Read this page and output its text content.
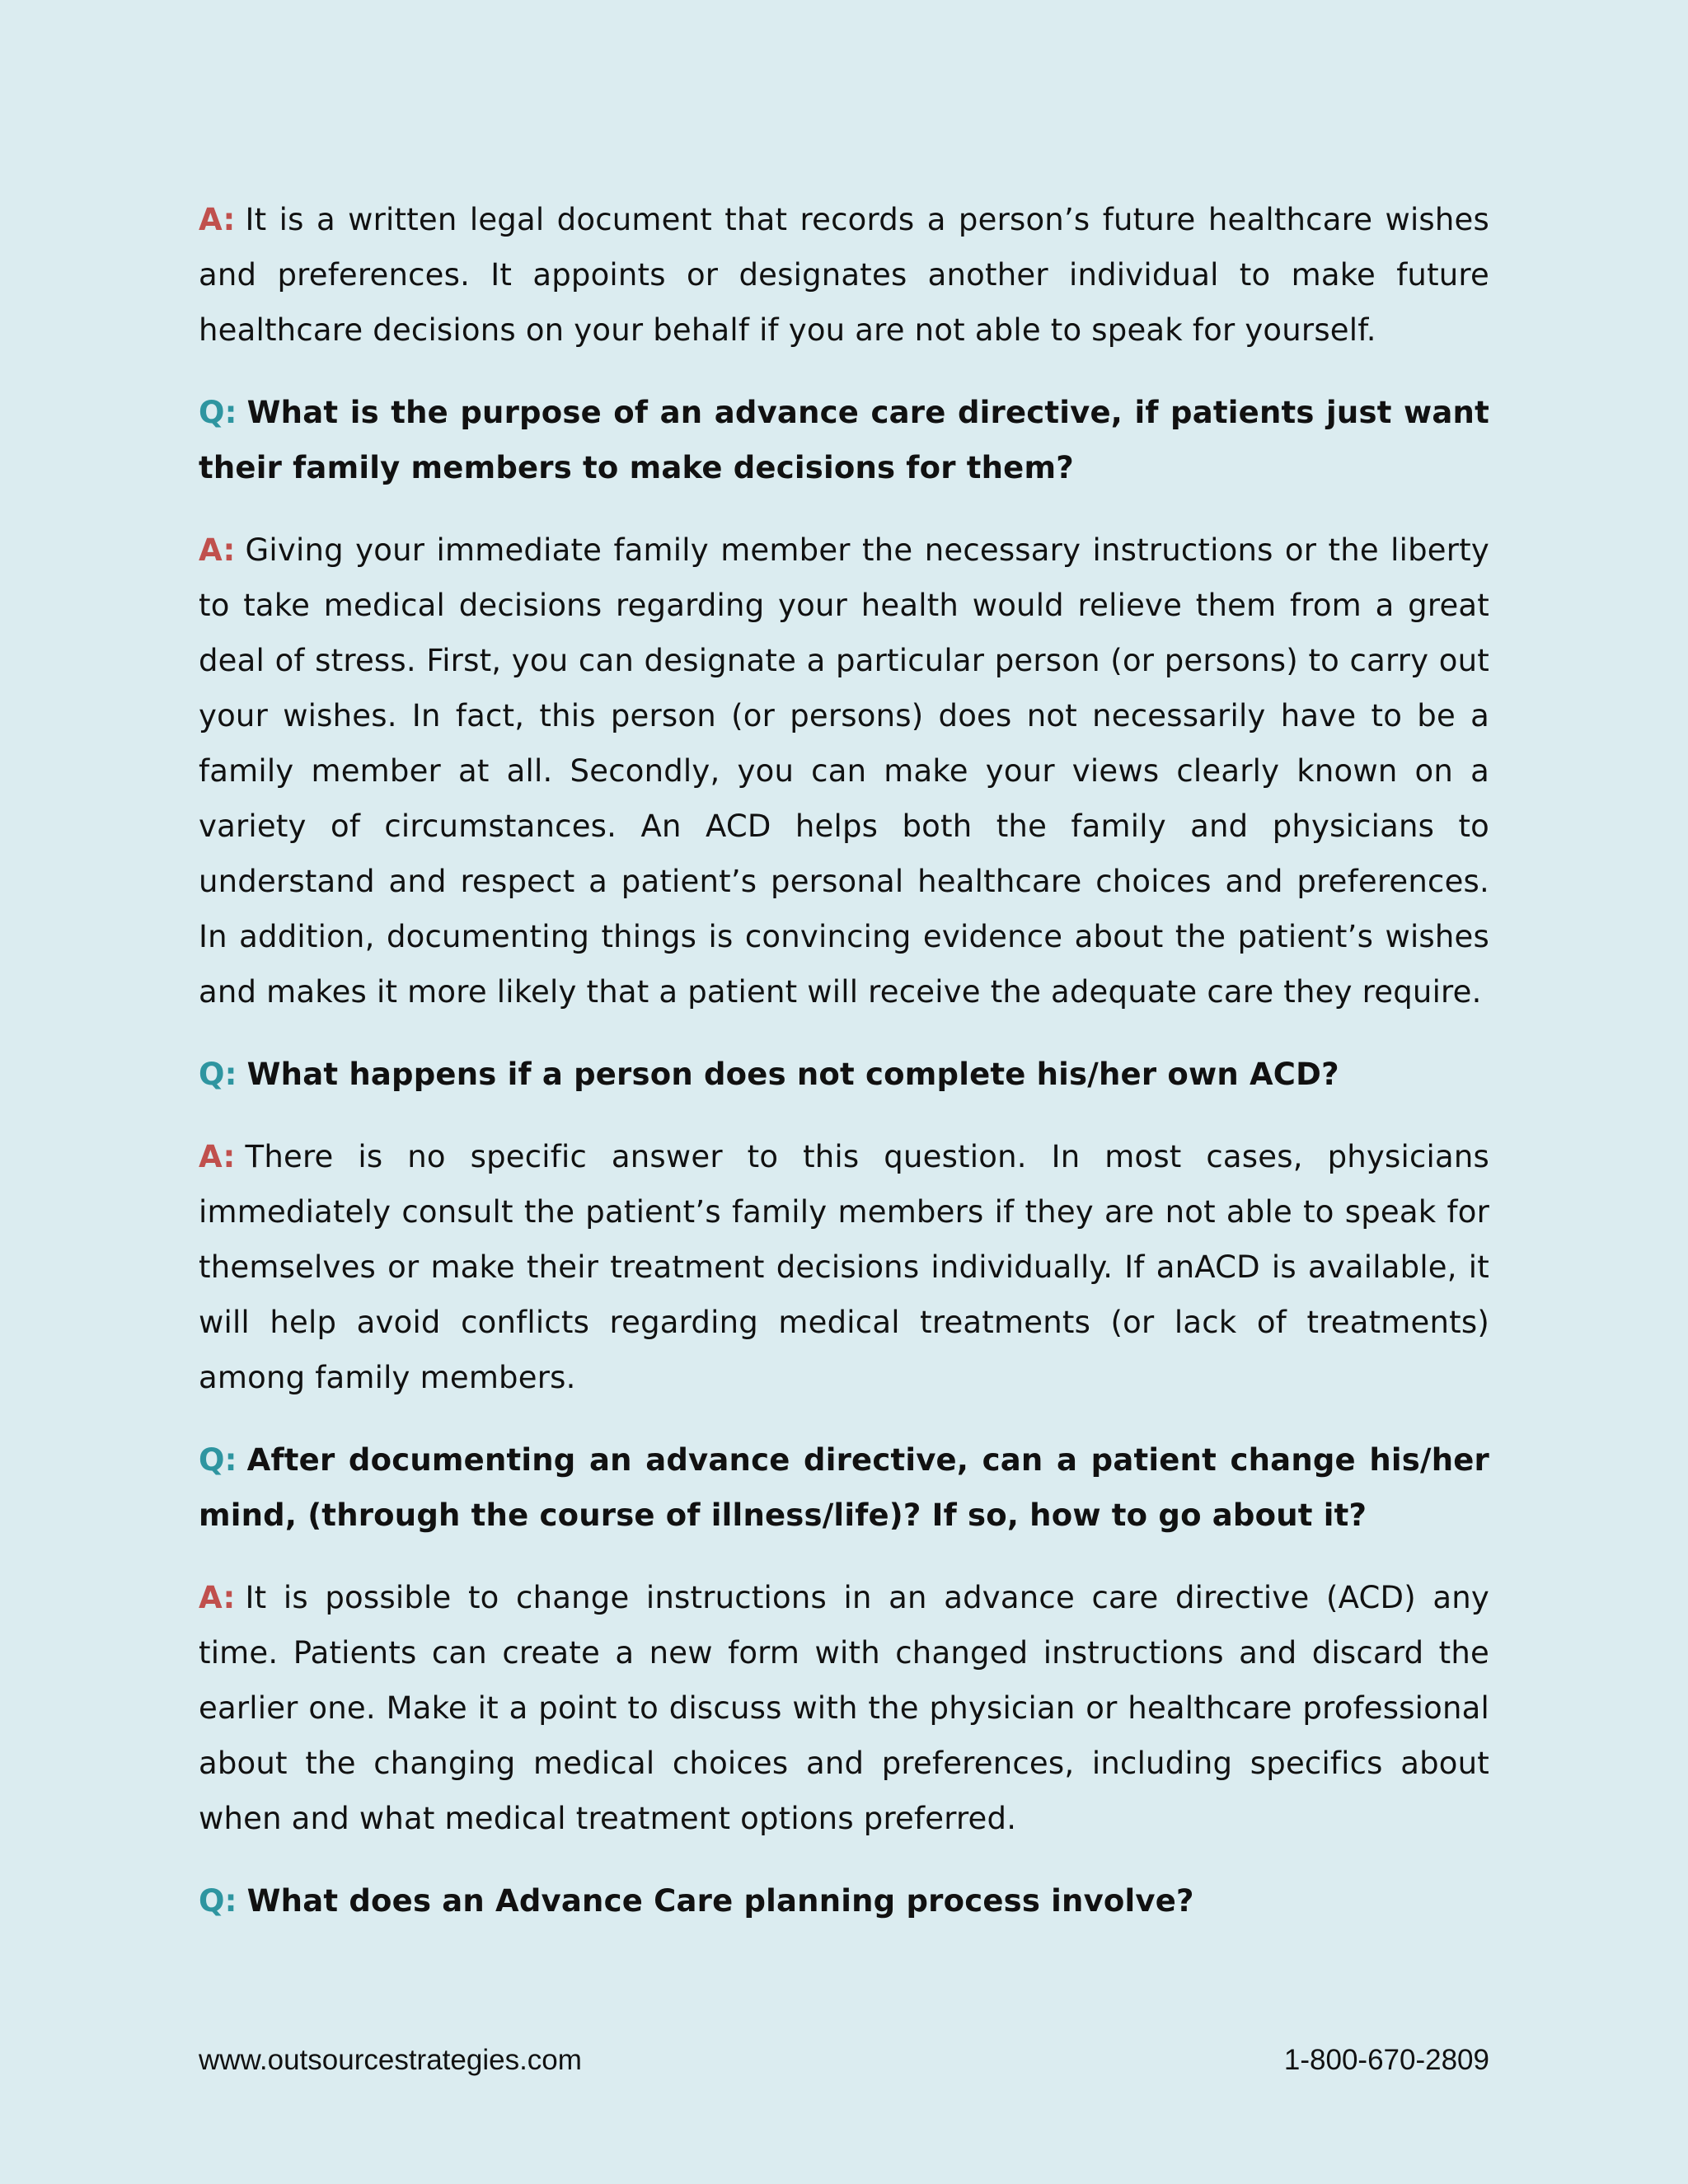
A: It is a written legal document that records a person’s future healthcare wishes and preferences. It appoints or designates another individual to make future healthcare decisions on your behalf if you are not able to speak for yourself.

Q: What is the purpose of an advance care directive, if patients just want their family members to make decisions for them?

A: Giving your immediate family member the necessary instructions or the liberty to take medical decisions regarding your health would relieve them from a great deal of stress. First, you can designate a particular person (or persons) to carry out your wishes. In fact, this person (or persons) does not necessarily have to be a family member at all. Secondly, you can make your views clearly known on a variety of circumstances. An ACD helps both the family and physicians to understand and respect a patient’s personal healthcare choices and preferences. In addition, documenting things is convincing evidence about the patient’s wishes and makes it more likely that a patient will receive the adequate care they require.

Q: What happens if a person does not complete his/her own ACD?

A: There is no specific answer to this question. In most cases, physicians immediately consult the patient’s family members if they are not able to speak for themselves or make their treatment decisions individually. If anACD is available, it will help avoid conflicts regarding medical treatments (or lack of treatments) among family members.

Q: After documenting an advance directive, can a patient change his/her mind, (through the course of illness/life)? If so, how to go about it?

A: It is possible to change instructions in an advance care directive (ACD) any time. Patients can create a new form with changed instructions and discard the earlier one. Make it a point to discuss with the physician or healthcare professional about the changing medical choices and preferences, including specifics about when and what medical treatment options preferred.

Q: What does an Advance Care planning process involve?

www.outsourcestrategies.com	1-800-670-2809
